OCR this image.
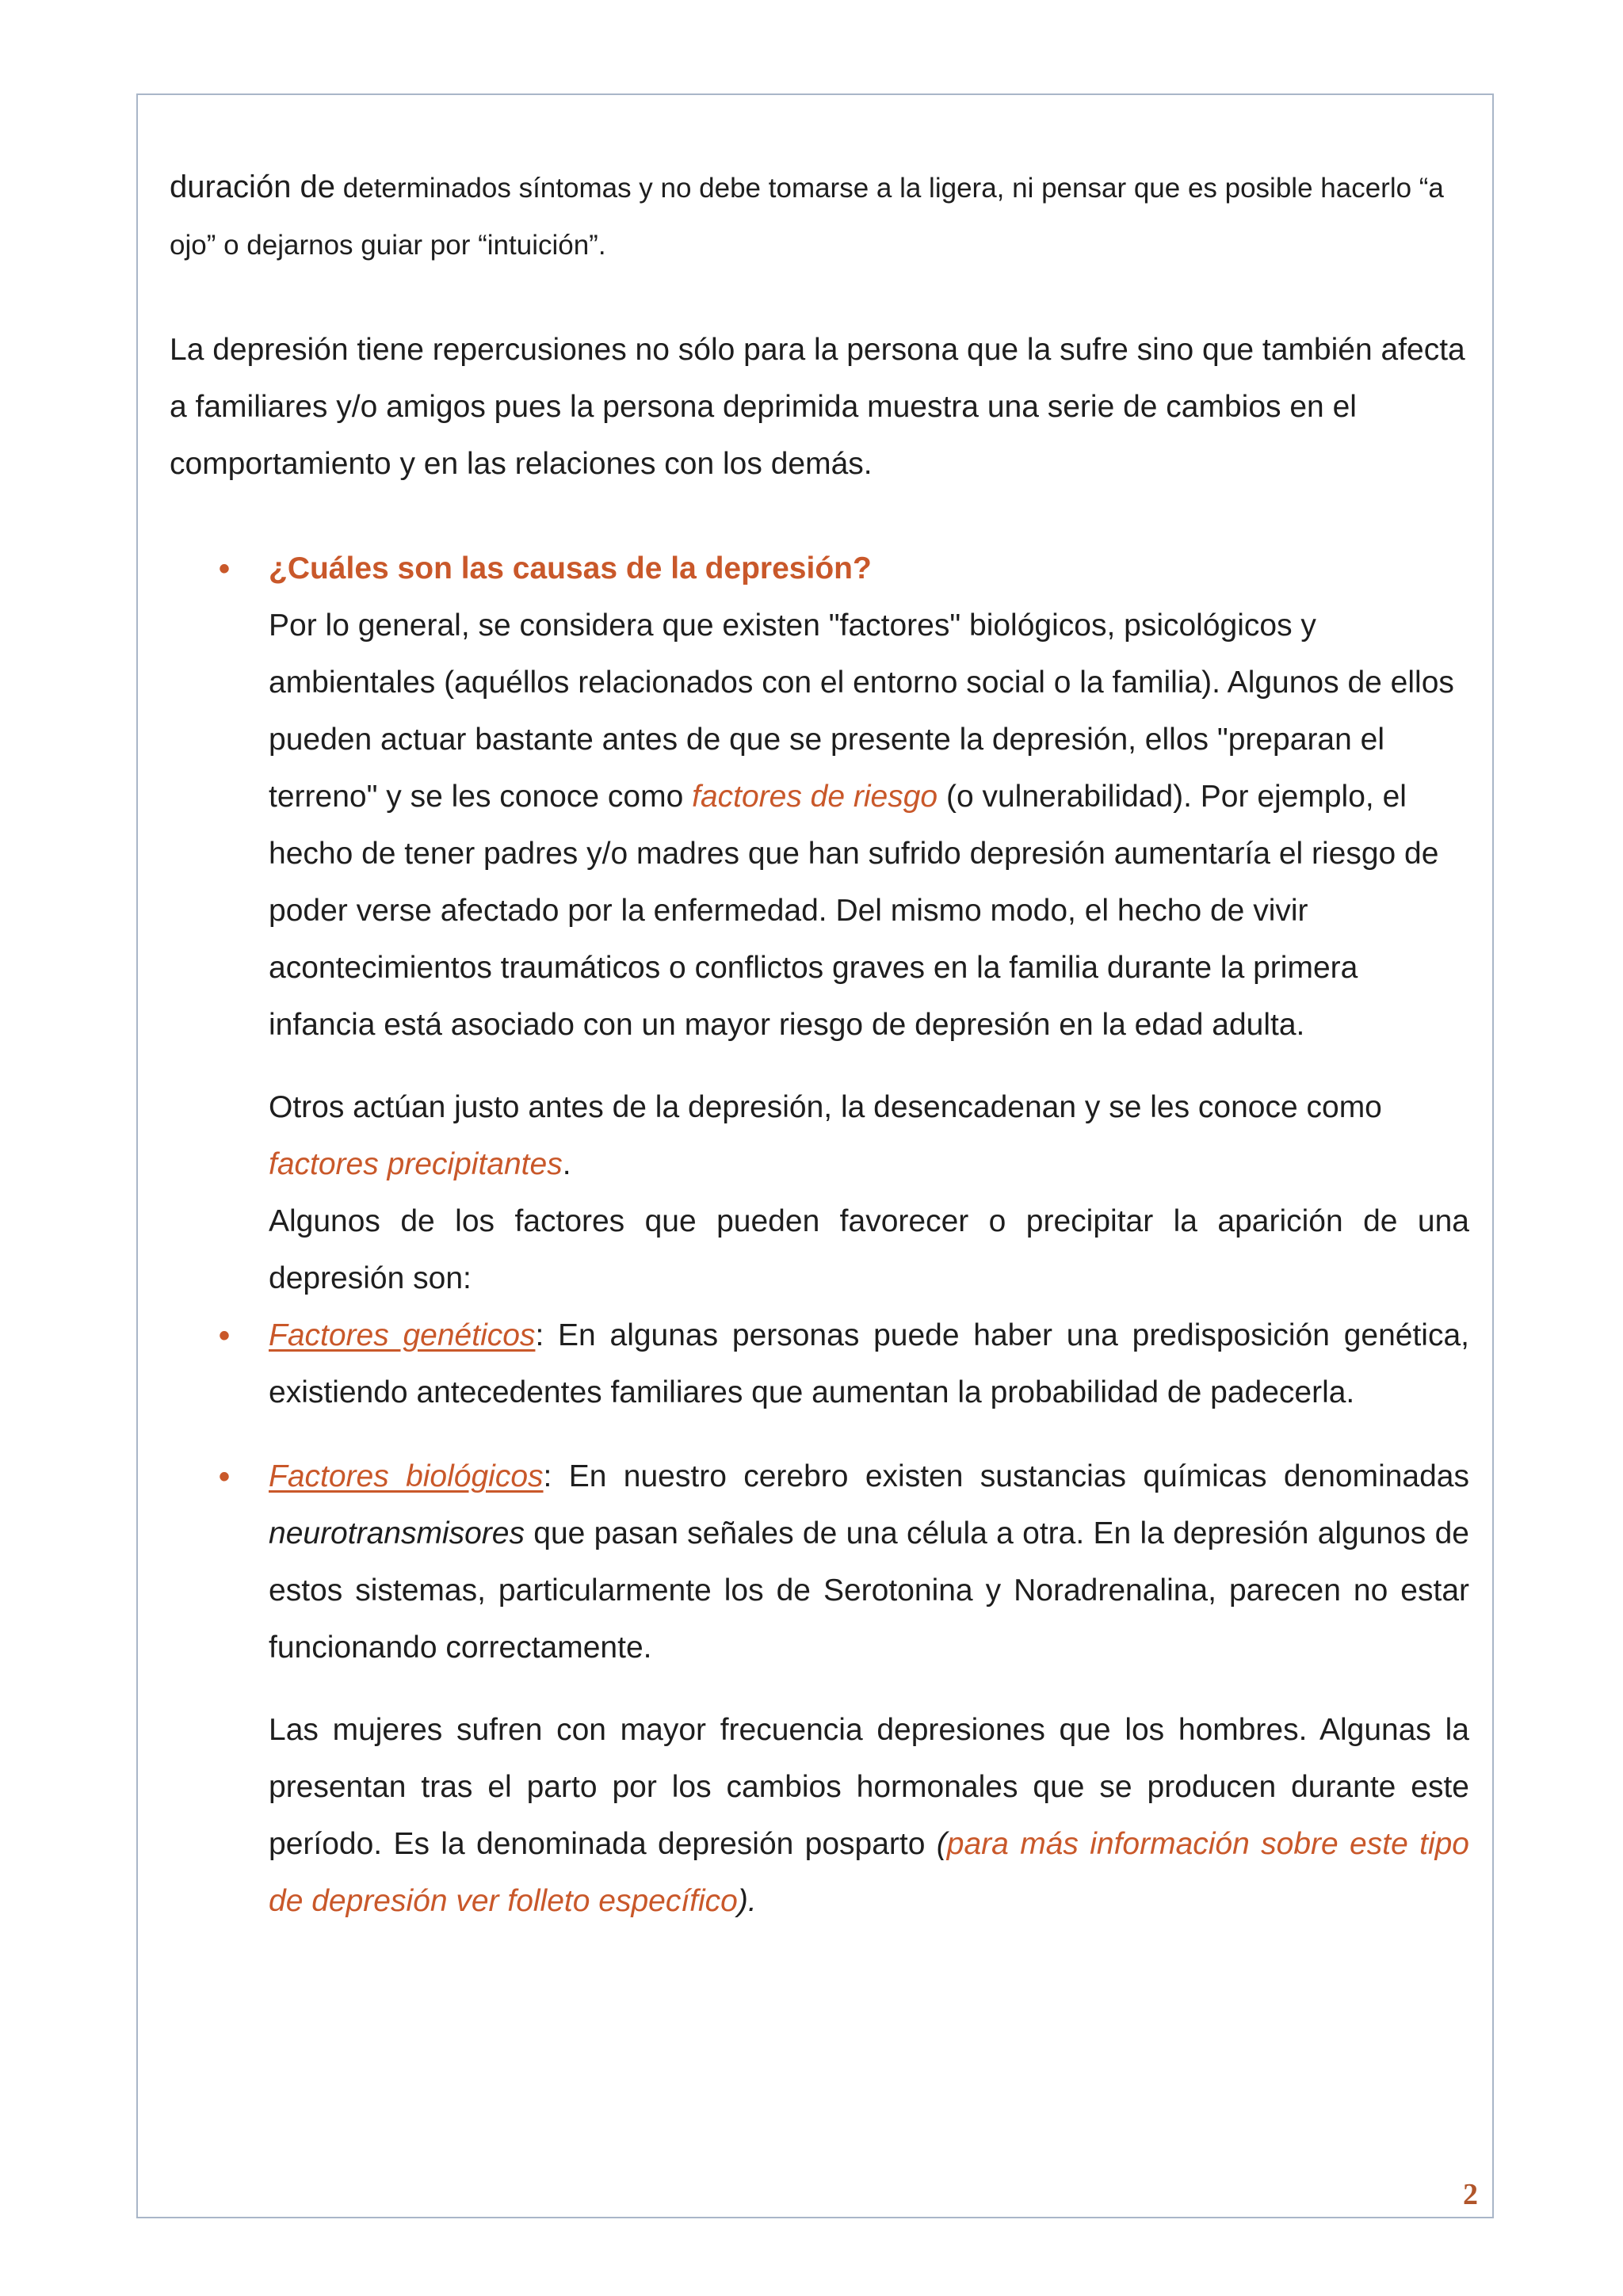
duración de determinados síntomas y no debe tomarse a la ligera, ni pensar que es posible hacerlo “a ojo” o dejarnos guiar por “intuición”.

La depresión tiene repercusiones no sólo para la persona que la sufre sino que también afecta a familiares y/o amigos pues la persona deprimida muestra una serie de cambios en el comportamiento y en las relaciones con los demás.

• ¿Cuáles son las causas de la depresión?

Por lo general, se considera que existen "factores" biológicos, psicológicos y ambientales (aquéllos relacionados con el entorno social o la familia). Algunos de ellos pueden actuar bastante antes de que se presente la depresión, ellos "preparan el terreno" y se les conoce como factores de riesgo (o vulnerabilidad). Por ejemplo, el hecho de tener padres y/o madres que han sufrido depresión aumentaría el riesgo de poder verse afectado por la enfermedad. Del mismo modo, el hecho de vivir acontecimientos traumáticos o conflictos graves en la familia durante la primera infancia está asociado con un mayor riesgo de depresión en la edad adulta.

Otros actúan justo antes de la depresión, la desencadenan y se les conoce como factores precipitantes.

Algunos de los factores que pueden favorecer o precipitar la aparición de una depresión son:

• Factores genéticos: En algunas personas puede haber una predisposición genética, existiendo antecedentes familiares que aumentan la probabilidad de padecerla.

• Factores biológicos: En nuestro cerebro existen sustancias químicas denominadas neurotransmisores que pasan señales de una célula a otra. En la depresión algunos de estos sistemas, particularmente los de Serotonina y Noradrenalina, parecen no estar funcionando correctamente.

Las mujeres sufren con mayor frecuencia depresiones que los hombres. Algunas la presentan tras el parto por los cambios hormonales que se producen durante este período. Es la denominada depresión posparto (para más información sobre este tipo de depresión ver folleto específico).

2
